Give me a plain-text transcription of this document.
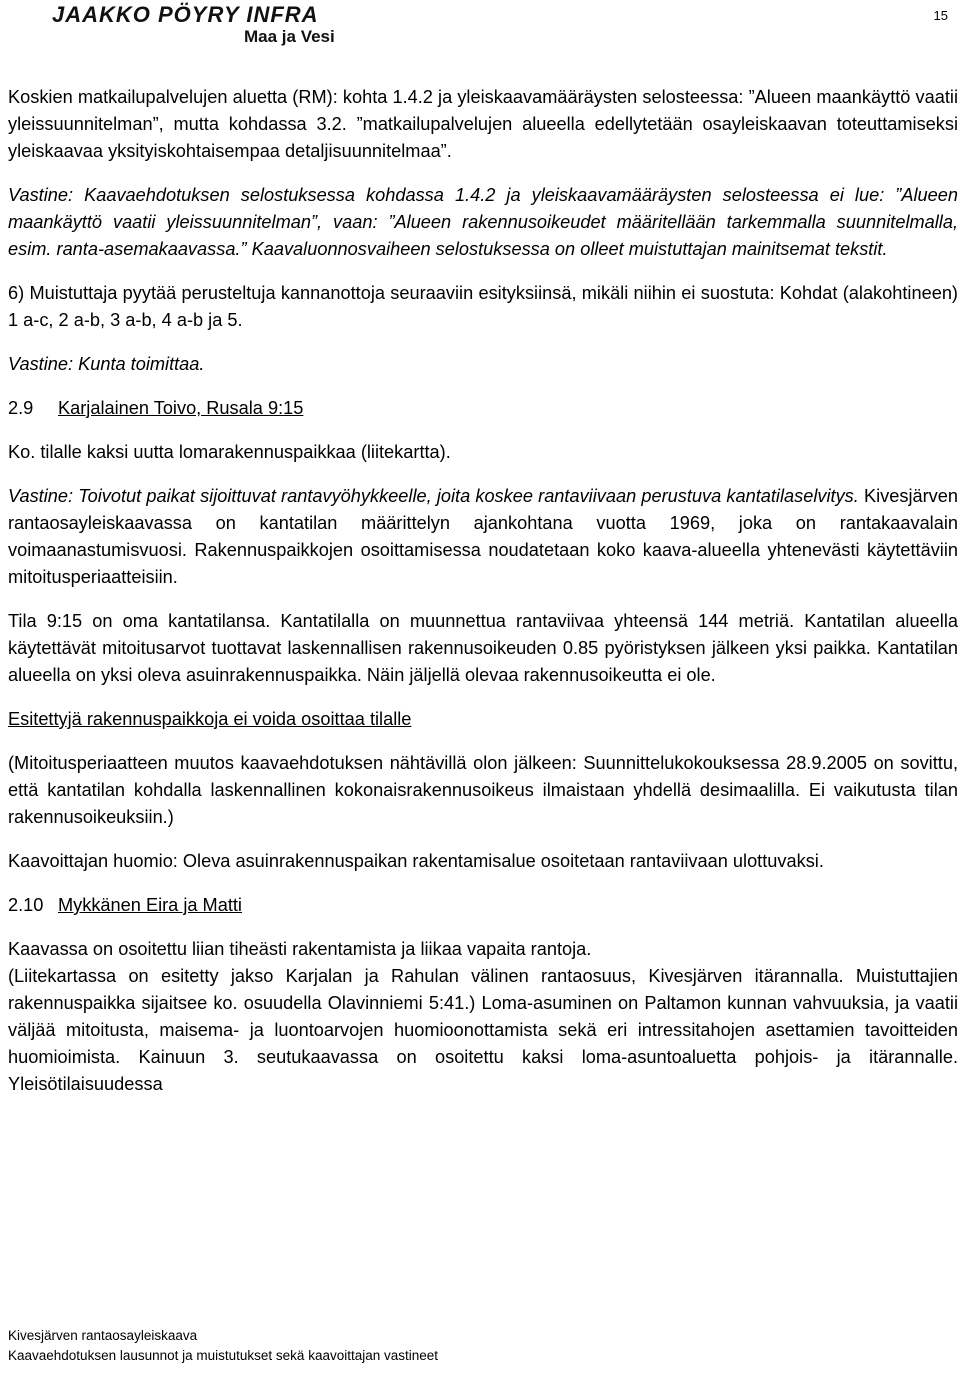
JAAKKO PÖYRY INFRA
Maa ja Vesi
15

Koskien matkailupalvelujen aluetta (RM): kohta 1.4.2 ja yleiskaavamääräysten selosteessa: ”Alueen maankäyttö vaatii yleissuunnitelman”, mutta kohdassa 3.2. ”matkailupalvelujen alueella edellytetään osayleiskaavan toteuttamiseksi yleiskaavaa yksityiskohtaisempaa detaljisuunnitelmaa”.

Vastine: Kaavaehdotuksen selostuksessa kohdassa 1.4.2 ja yleiskaavamääräysten selosteessa ei lue: ”Alueen maankäyttö vaatii yleissuunnitelman”, vaan: ”Alueen rakennusoikeudet määritellään tarkemmalla suunnitelmalla, esim. ranta-asemakaavassa.” Kaavaluonnosvaiheen selostuksessa on olleet muistuttajan mainitsemat tekstit.

6) Muistuttaja pyytää perusteltuja kannanottoja seuraaviin esityksiinsä, mikäli niihin ei suostuta: Kohdat (alakohtineen) 1 a-c, 2 a-b, 3 a-b, 4 a-b ja 5.

Vastine: Kunta toimittaa.

2.9 Karjalainen Toivo, Rusala 9:15

Ko. tilalle kaksi uutta lomarakennuspaikkaa (liitekartta).

Vastine: Toivotut paikat sijoittuvat rantavyöhykkeelle, joita koskee rantaviivaan perustuva kantatilaselvitys. Kivesjärven rantaosayleiskaavassa on kantatilan määrittelyn ajankohtana vuotta 1969, joka on rantakaavalain voimaanastumisvuosi. Rakennuspaikkojen osoittamisessa noudatetaan koko kaava-alueella yhtenevästi käytettäviin mitoitusperiaatteisiin.

Tila 9:15 on oma kantatilansa. Kantatilalla on muunnettua rantaviivaa yhteensä 144 metriä. Kantatilan alueella käytettävät mitoitusarvot tuottavat laskennallisen rakennusoikeuden 0.85 pyöristyksen jälkeen yksi paikka. Kantatilan alueella on yksi oleva asuinrakennuspaikka. Näin jäljellä olevaa rakennusoikeutta ei ole.

Esitettyjä rakennuspaikkoja ei voida osoittaa tilalle

(Mitoitusperiaatteen muutos kaavaehdotuksen nähtävillä olon jälkeen: Suunnittelukokouksessa 28.9.2005 on sovittu, että kantatilan kohdalla laskennallinen kokonaisrakennusoikeus ilmaistaan yhdellä desimaalilla. Ei vaikutusta tilan rakennusoikeuksiin.)

Kaavoittajan huomio: Oleva asuinrakennuspaikan rakentamisalue osoitetaan rantaviivaan ulottuvaksi.

2.10 Mykkänen Eira ja Matti

Kaavassa on osoitettu liian tiheästi rakentamista ja liikaa vapaita rantoja.

(Liitekartassa on esitetty jakso Karjalan ja Rahulan välinen rantaosuus, Kivesjärven itärannalla. Muistuttajien rakennuspaikka sijaitsee ko. osuudella Olavinniemi 5:41.) Loma-asuminen on Paltamon kunnan vahvuuksia, ja vaatii väljää mitoitusta, maisema- ja luontoarvojen huomioonottamista sekä eri intressitahojen asettamien tavoitteiden huomioimista. Kainuun 3. seutukaavassa on osoitettu kaksi loma-asuntoaluetta pohjois- ja itärannalle. Yleisötilaisuudessa

Kivesjärven rantaosayleiskaava
Kaavaehdotuksen lausunnot ja muistutukset sekä kaavoittajan vastineet
